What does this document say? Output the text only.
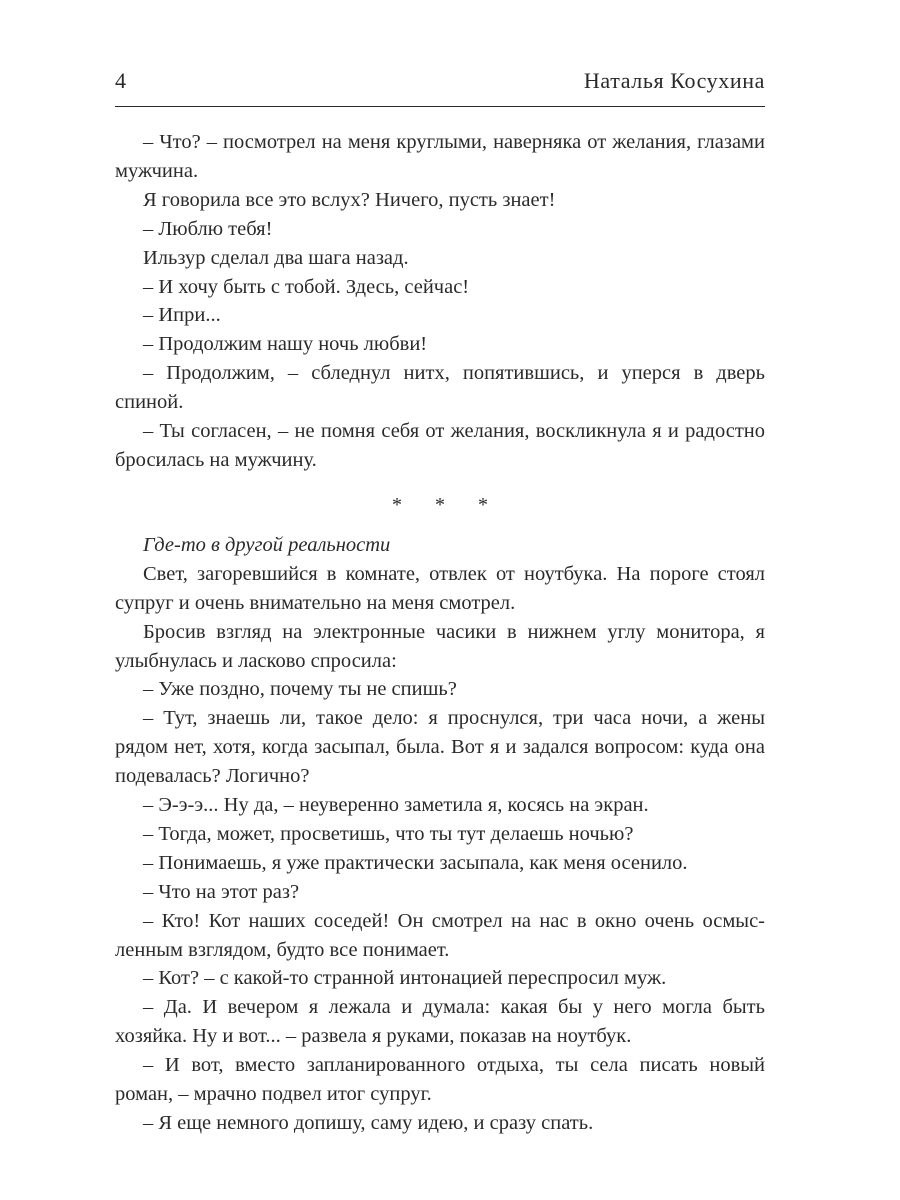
4	Наталья Косухина

– Что? – посмотрел на меня круглыми, наверняка от желания, глазами мужчина.

Я говорила все это вслух? Ничего, пусть знает!

– Люблю тебя!

Ильзур сделал два шага назад.

– И хочу быть с тобой. Здесь, сейчас!

– Ипри...

– Продолжим нашу ночь любви!

– Продолжим, – сбледнул нитх, попятившись, и уперся в дверь спиной.

– Ты согласен, – не помня себя от желания, воскликнула я и радостно бросилась на мужчину.

* * *

Где-то в другой реальности

Свет, загоревшийся в комнате, отвлек от ноутбука. На пороге стоял супруг и очень внимательно на меня смотрел.

Бросив взгляд на электронные часики в нижнем углу монитора, я улыбнулась и ласково спросила:

– Уже поздно, почему ты не спишь?

– Тут, знаешь ли, такое дело: я проснулся, три часа ночи, а жены рядом нет, хотя, когда засыпал, была. Вот я и задался вопросом: куда она подевалась? Логично?

– Э-э-э... Ну да, – неуверенно заметила я, косясь на экран.

– Тогда, может, просветишь, что ты тут делаешь ночью?

– Понимаешь, я уже практически засыпала, как меня осенило.

– Что на этот раз?

– Кто! Кот наших соседей! Он смотрел на нас в окно очень осмысленным взглядом, будто все понимает.

– Кот? – с какой-то странной интонацией переспросил муж.

– Да. И вечером я лежала и думала: какая бы у него могла быть хозяйка. Ну и вот... – развела я руками, показав на ноутбук.

– И вот, вместо запланированного отдыха, ты села писать новый роман, – мрачно подвел итог супруг.

– Я еще немного допишу, саму идею, и сразу спать.
